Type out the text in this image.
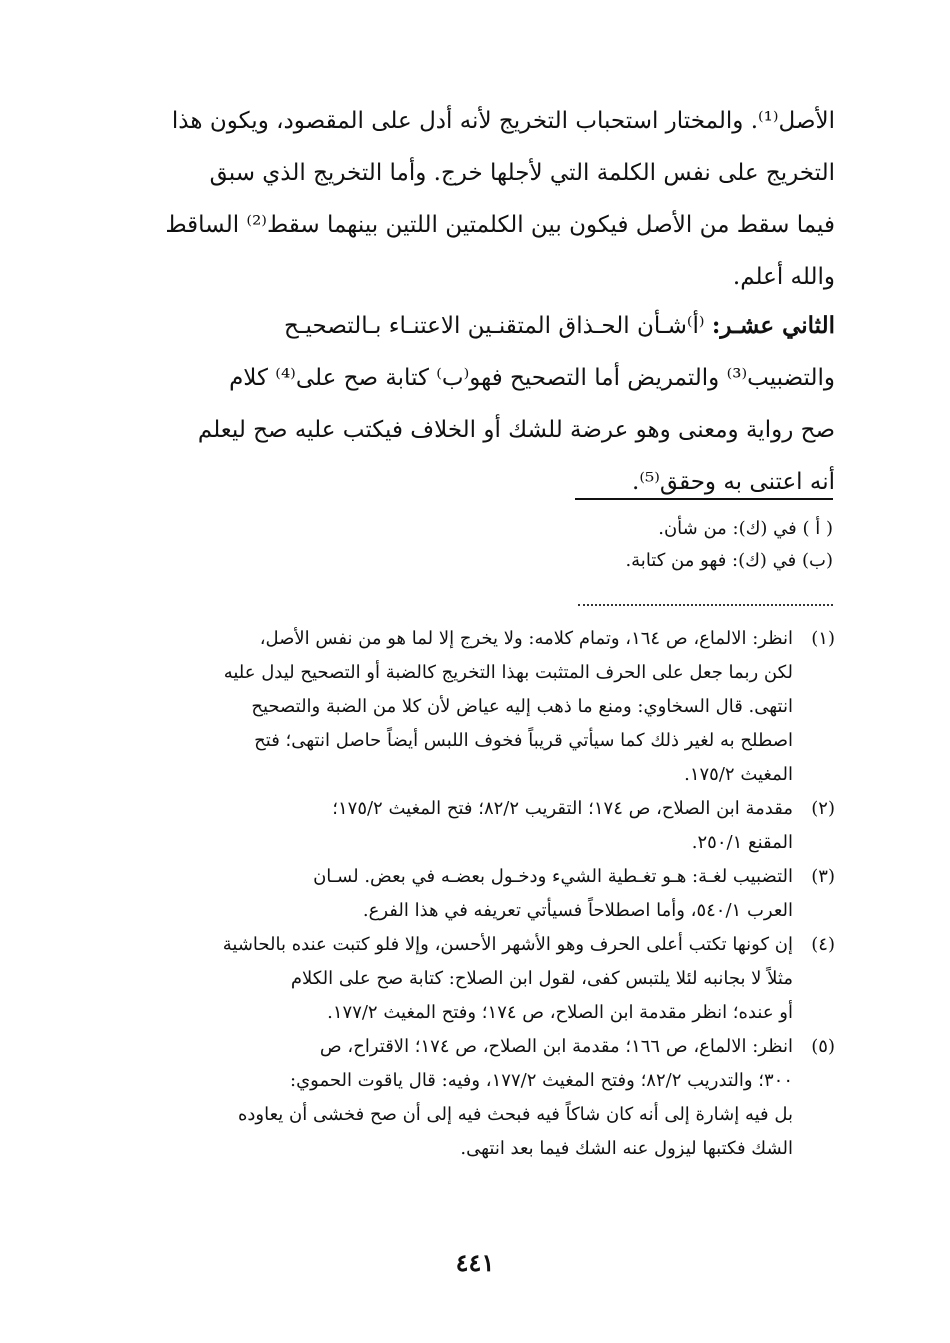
الأصل⁽¹⁾. والمختار استحباب التخريج لأنه أدل على المقصود، ويكون هذا
التخريج على نفس الكلمة التي لأجلها خرج. وأما التخريج الذي سبق
فيما سقط من الأصل فيكون بين الكلمتين اللتين بينهما سقط⁽²⁾ الساقط
والله أعلم.
الثاني عشـر: ⁽أ⁾شـأن الحـذاق المتقنـين الاعتنـاء بـالتصحيـح
والتضبيب⁽³⁾ والتمريض أما التصحيح فهو⁽ب⁾ كتابة صح على⁽⁴⁾ كلام
صح رواية ومعنى وهو عرضة للشك أو الخلاف فيكتب عليه صح ليعلم
أنه اعتنى به وحقق⁽⁵⁾.
( أ ) في (ك): من شأن.
(ب) في (ك): فهو من كتابة.
(١)
انظر: الالماع، ص ١٦٤، وتمام كلامه: ولا يخرج إلا لما هو من نفس الأصل،
لكن ربما جعل على الحرف المتثبت بهذا التخريج كالضبة أو التصحيح ليدل عليه
انتهى. قال السخاوي: ومنع ما ذهب إليه عياض لأن كلا من الضبة والتصحيح
اصطلح به لغير ذلك كما سيأتي قريباً فخوف اللبس أيضاً حاصل انتهى؛ فتح
المغيث ١٧٥/٢.
(٢)
مقدمة ابن الصلاح، ص ١٧٤؛ التقريب ٨٢/٢؛ فتح المغيث ١٧٥/٢؛
المقنع ٢٥٠/١.
(٣)
التضبيب لغـة: هـو تغـطية الشيء ودخـول بعضـه في بعض. لسـان
العرب ٥٤٠/١، وأما اصطلاحاً فسيأتي تعريفه في هذا الفرع.
(٤)
إن كونها تكتب أعلى الحرف وهو الأشهر الأحسن، وإلا فلو كتبت عنده بالحاشية
مثلاً لا بجانبه لئلا يلتبس كفى، لقول ابن الصلاح: كتابة صح على الكلام
أو عنده؛ انظر مقدمة ابن الصلاح، ص ١٧٤؛ وفتح المغيث ١٧٧/٢.
(٥)
انظر: الالماع، ص ١٦٦؛ مقدمة ابن الصلاح، ص ١٧٤؛ الاقتراح، ص
٣٠٠؛ والتدريب ٨٢/٢؛ وفتح المغيث ١٧٧/٢، وفيه: قال ياقوت الحموي:
بل فيه إشارة إلى أنه كان شاكاً فيه فبحث فيه إلى أن صح فخشى أن يعاوده
الشك فكتبها ليزول عنه الشك فيما بعد انتهى.
٤٤١
